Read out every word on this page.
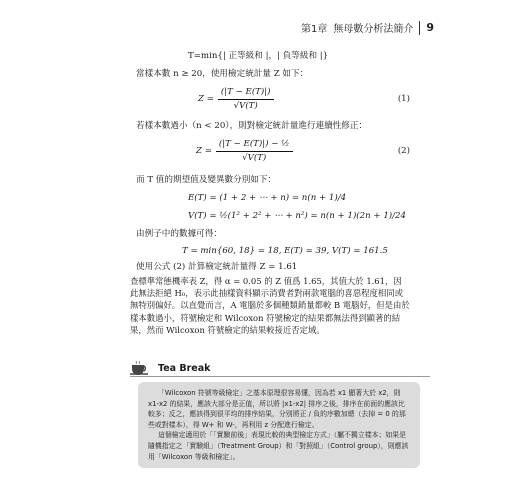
第1章 無母數分析法簡介 9
T=min{| 正等級和 |，| 負等級和 |}
當樣本數 n ≥ 20，使用檢定統計量 Z 如下：
$Z = \frac{(|T - E(T)|)}{√V(T)}$	(1)
若樣本數過小（n < 20），則對檢定統計量進行連續性修正：
$Z = \frac{\text{(|T − E(T)|) − ½}}{√V(T)}$	(2)
而 T 值的期望值及變異數分別如下：
E(T) = (1 + 2 + ⋯ + n) = n(n + 1)/4
V(T) = ½(1² + 2² + ⋯ + n²) = n(n + 1)(2n + 1)/24
由例子中的數據可得：
T = min{60, 18} = 18, E(T) = 39, V(T) = 161.5
使用公式 (2) 計算檢定統計量得 Z = 1.61
查標準常態機率表 Z，得 α = 0.05 的 Z 值爲 1.65，其值大於 1.61，因此無法拒絕 H₀，表示此抽樣資料顯示消費者對兩款電腦的喜惡程度相同或無特別偏好。以直覺而言，A 電腦於多個種類銷量都較 B 電腦好，但是由於樣本數過小，符號檢定和 Wilcoxon 符號檢定的結果都無法得到顯著的結果，然而 Wilcoxon 符號檢定的結果較接近否定域。
Tea Break
「Wilcoxon 符號等級檢定」之基本原理很容易懂，因為若 x1 顯著大於 x2，則 x1-x2 的結果，應該大部分是正值，所以將 |x1-x2| 排序之後，排序在前面的應該比較多；反之，應該得到很平均的排序結果，分別將正 / 負的序數加總（去掉 = 0 的那些或對樣本），得 W+ 和 W-，再利用 z 分配進行檢定。
這個檢定適用於「「實驗前後」表現比較的典型檢定方式」（屬不獨立樣本；如果是隨機指定之「實驗組」（Treatment Group）和「對照組」（Control group），則應該用「Wilcoxon 等級和檢定」。
